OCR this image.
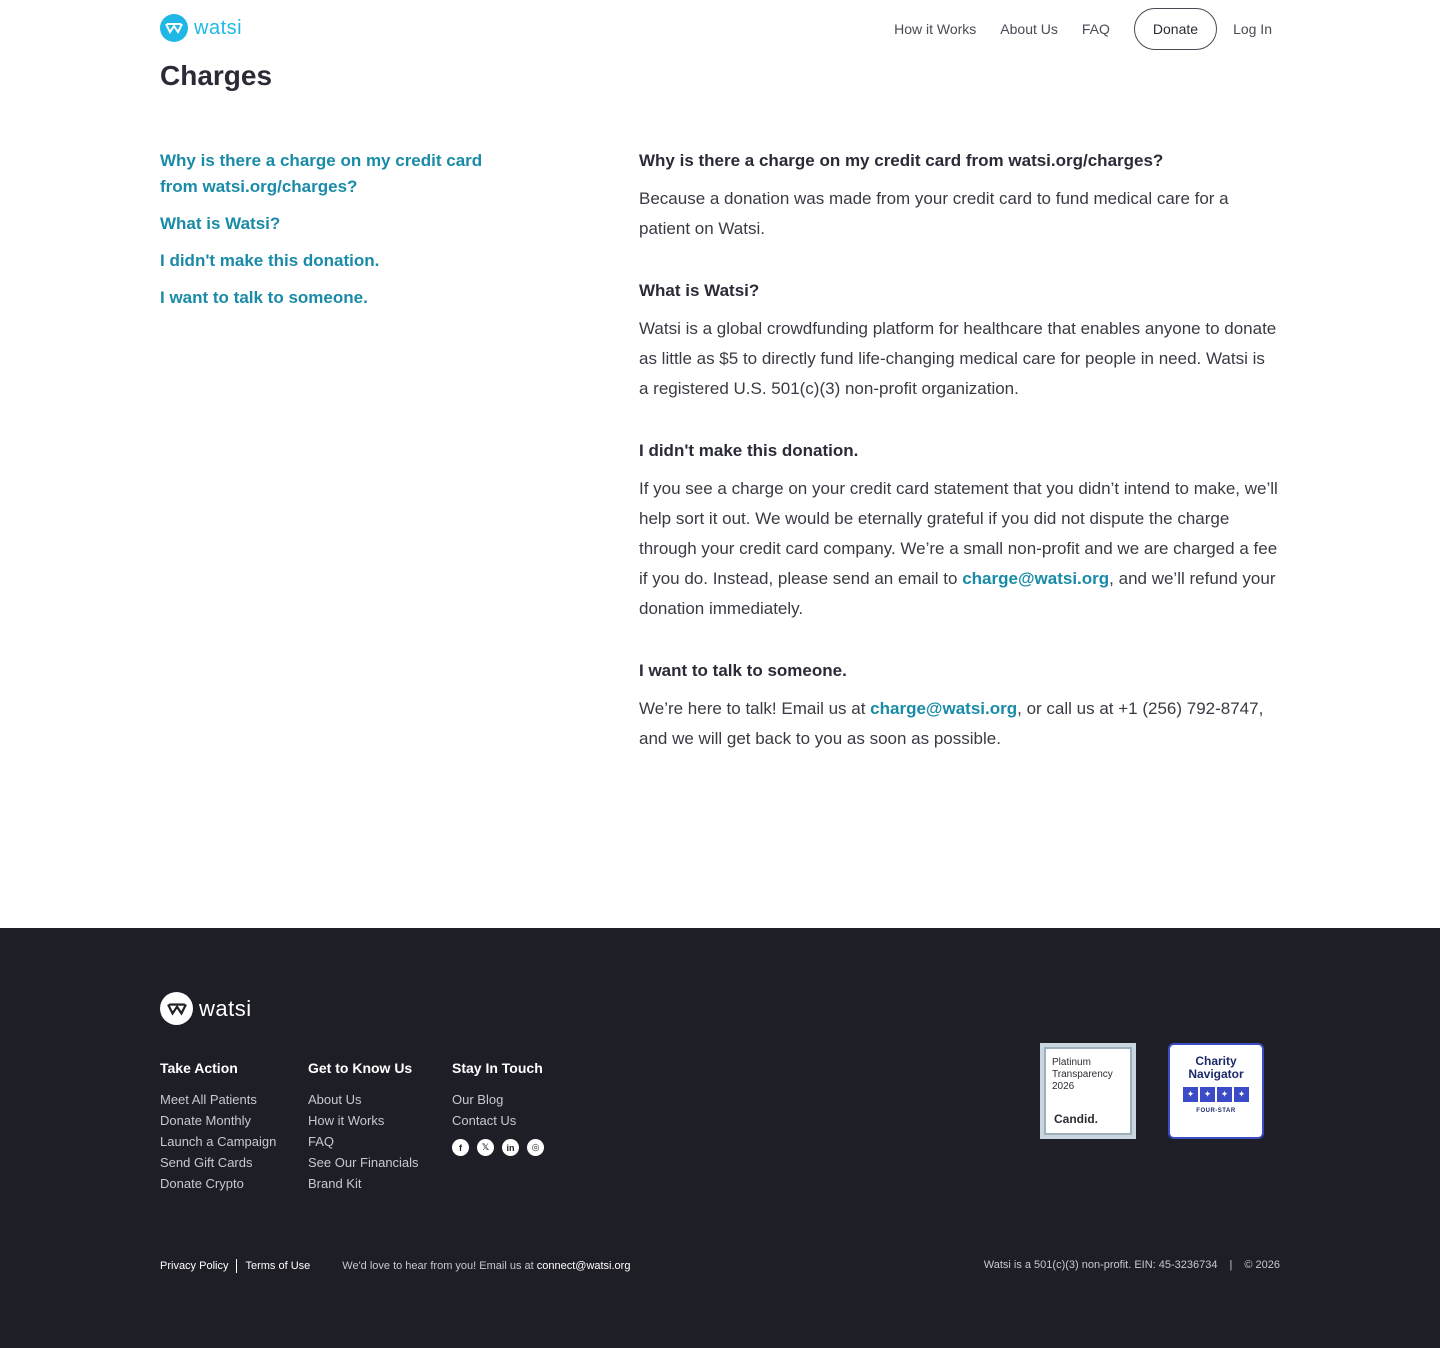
watsi	How it Works About Us FAQ	Donate	Log In
Charges
Why is there a charge on my credit card from watsi.org/charges?
What is Watsi?
I didn't make this donation.
I want to talk to someone.
Why is there a charge on my credit card from watsi.org/charges?

Because a donation was made from your credit card to fund medical care for a patient on Watsi.

What is Watsi?

Watsi is a global crowdfunding platform for healthcare that enables anyone to donate as little as $5 to directly fund life-changing medical care for people in need. Watsi is a registered U.S. 501(c)(3) non-profit organization.

I didn't make this donation.

If you see a charge on your credit card statement that you didn’t intend to make, we’ll help sort it out. We would be eternally grateful if you did not dispute the charge through your credit card company. We’re a small non-profit and we are charged a fee if you do. Instead, please send an email to charge@watsi.org, and we’ll refund your donation immediately.

I want to talk to someone.

We’re here to talk! Email us at charge@watsi.org, or call us at +1 (256) 792-8747, and we will get back to you as soon as possible.

watsi
Take Action
Meet All Patients
Donate Monthly
Launch a Campaign
Send Gift Cards
Donate Crypto
Get to Know Us
About Us
How it Works
FAQ
See Our Financials
Brand Kit
Stay In Touch
Our Blog
Contact Us
f	𝕏	in	◎
Platinum
Transparency
2026
Candid.
Charity
Navigator
✦	✦	✦	✦
FOUR-STAR
Privacy Policy Terms of Use	We'd love to hear from you! Email us at connect@watsi.org	Watsi is a 501(c)(3) non-profit. EIN: 45-3236734 | © 2026
